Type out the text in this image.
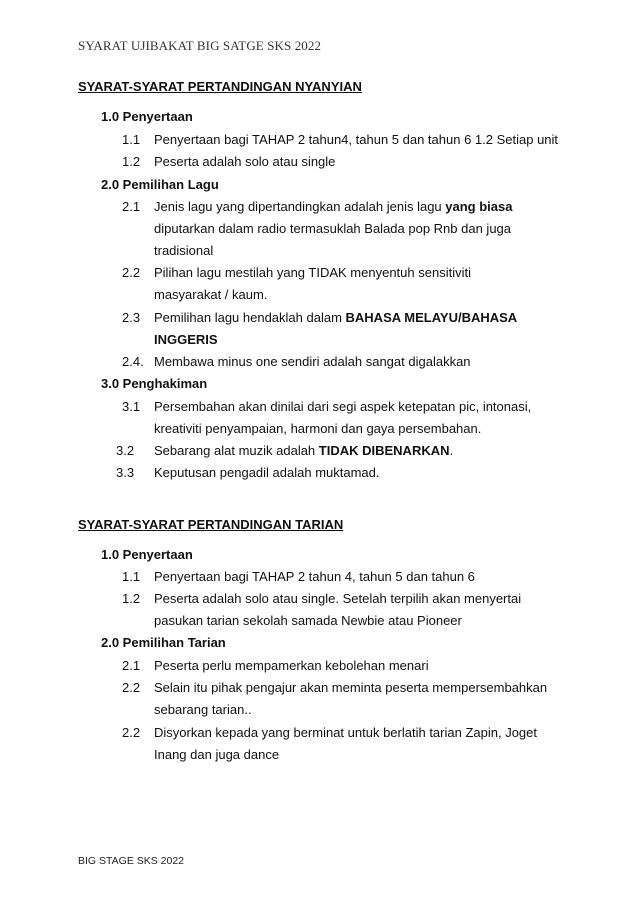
SYARAT UJIBAKAT BIG SATGE SKS 2022
SYARAT-SYARAT PERTANDINGAN NYANYIAN
1.0 Penyertaan
1.1 Penyertaan bagi TAHAP 2 tahun4, tahun 5 dan tahun 6 1.2 Setiap unit
1.2 Peserta adalah solo atau single
2.0 Pemilihan Lagu
2.1 Jenis lagu yang dipertandingkan adalah jenis lagu yang biasa
diputarkan dalam radio termasuklah Balada pop Rnb dan juga
tradisional
2.2 Pilihan lagu mestilah yang TIDAK menyentuh sensitiviti
masyarakat / kaum.
2.3 Pemilihan lagu hendaklah dalam BAHASA MELAYU/BAHASA
INGGERIS
2.4. Membawa minus one sendiri adalah sangat digalakkan
3.0 Penghakiman
3.1 Persembahan akan dinilai dari segi aspek ketepatan pic, intonasi,
kreativiti penyampaian, harmoni dan gaya persembahan.
3.2 Sebarang alat muzik adalah TIDAK DIBENARKAN.
3.3 Keputusan pengadil adalah muktamad.
SYARAT-SYARAT PERTANDINGAN TARIAN
1.0 Penyertaan
1.1 Penyertaan bagi TAHAP 2 tahun 4, tahun 5 dan tahun 6
1.2 Peserta adalah solo atau single. Setelah terpilih akan menyertai
pasukan tarian sekolah samada Newbie atau Pioneer
2.0 Pemilihan Tarian
2.1 Peserta perlu mempamerkan kebolehan menari
2.2 Selain itu pihak pengajur akan meminta peserta mempersembahkan
sebarang tarian..
2.2 Disyorkan kepada yang berminat untuk berlatih tarian Zapin, Joget
Inang dan juga dance
BIG STAGE SKS 2022
